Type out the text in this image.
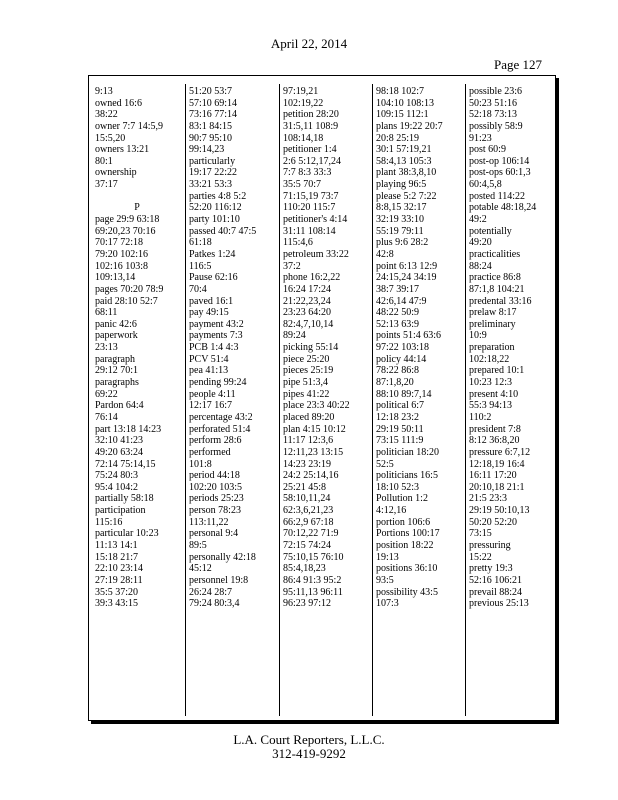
April 22, 2014
Page 127
9:13
owned 16:6
38:22
owner 7:7 14:5,9
15:5,20
owners 13:21
80:1
ownership
37:17
P
page 29:9 63:18
69:20,23 70:16
70:17 72:18
79:20 102:16
102:16 103:8
109:13,14
pages 70:20 78:9
paid 28:10 52:7
68:11
panic 42:6
paperwork
23:13
paragraph
29:12 70:1
paragraphs
69:22
Pardon 64:4
76:14
part 13:18 14:23
32:10 41:23
49:20 63:24
72:14 75:14,15
75:24 80:3
95:4 104:2
partially 58:18
participation
115:16
particular 10:23
11:13 14:1
15:18 21:7
22:10 23:14
27:19 28:11
35:5 37:20
39:3 43:15
51:20 53:7
57:10 69:14
73:16 77:14
83:1 84:15
90:7 95:10
99:14,23
particularly
19:17 22:22
33:21 53:3
parties 4:8 5:2
52:20 116:12
party 101:10
passed 40:7 47:5
61:18
Patkes 1:24
116:5
Pause 62:16
70:4
paved 16:1
pay 49:15
payment 43:2
payments 7:3
PCB 1:4 4:3
PCV 51:4
pea 41:13
pending 99:24
people 4:11
12:17 16:7
percentage 43:2
perforated 51:4
perform 28:6
performed
101:8
period 44:18
102:20 103:5
periods 25:23
person 78:23
113:11,22
personal 9:4
89:5
personally 42:18
45:12
personnel 19:8
26:24 28:7
79:24 80:3,4
97:19,21
102:19,22
petition 28:20
31:5,11 108:9
108:14,18
petitioner 1:4
2:6 5:12,17,24
7:7 8:3 33:3
35:5 70:7
71:15,19 73:7
110:20 115:7
petitioner's 4:14
31:11 108:14
115:4,6
petroleum 33:22
37:2
phone 16:2,22
16:24 17:24
21:22,23,24
23:23 64:20
82:4,7,10,14
89:24
picking 55:14
piece 25:20
pieces 25:19
pipe 51:3,4
pipes 41:22
place 23:3 40:22
placed 89:20
plan 4:15 10:12
11:17 12:3,6
12:11,23 13:15
14:23 23:19
24:2 25:14,16
25:21 45:8
58:10,11,24
62:3,6,21,23
66:2,9 67:18
70:12,22 71:9
72:15 74:24
75:10,15 76:10
85:4,18,23
86:4 91:3 95:2
95:11,13 96:11
96:23 97:12
98:18 102:7
104:10 108:13
109:15 112:1
plans 19:22 20:7
20:8 25:19
30:1 57:19,21
58:4,13 105:3
plant 38:3,8,10
playing 96:5
please 5:2 7:22
8:8,15 32:17
32:19 33:10
55:19 79:11
plus 9:6 28:2
42:8
point 6:13 12:9
24:15,24 34:19
38:7 39:17
42:6,14 47:9
48:22 50:9
52:13 63:9
points 51:4 63:6
97:22 103:18
policy 44:14
78:22 86:8
87:1,8,20
88:10 89:7,14
political 6:7
12:18 23:2
29:19 50:11
73:15 111:9
politician 18:20
52:5
politicians 16:5
18:10 52:3
Pollution 1:2
4:12,16
portion 106:6
Portions 100:17
position 18:22
19:13
positions 36:10
93:5
possibility 43:5
107:3
possible 23:6
50:23 51:16
52:18 73:13
possibly 58:9
91:23
post 60:9
post-op 106:14
post-ops 60:1,3
60:4,5,8
posted 114:22
potable 48:18,24
49:2
potentially
49:20
practicalities
88:24
practice 86:8
87:1,8 104:21
predental 33:16
prelaw 8:17
preliminary
10:9
preparation
102:18,22
prepared 10:1
10:23 12:3
present 4:10
55:3 94:13
110:2
president 7:8
8:12 36:8,20
pressure 6:7,12
12:18,19 16:4
16:11 17:20
20:10,18 21:1
21:5 23:3
29:19 50:10,13
50:20 52:20
73:15
pressuring
15:22
pretty 19:3
52:16 106:21
prevail 88:24
previous 25:13
L.A. Court Reporters, L.L.C.
312-419-9292
